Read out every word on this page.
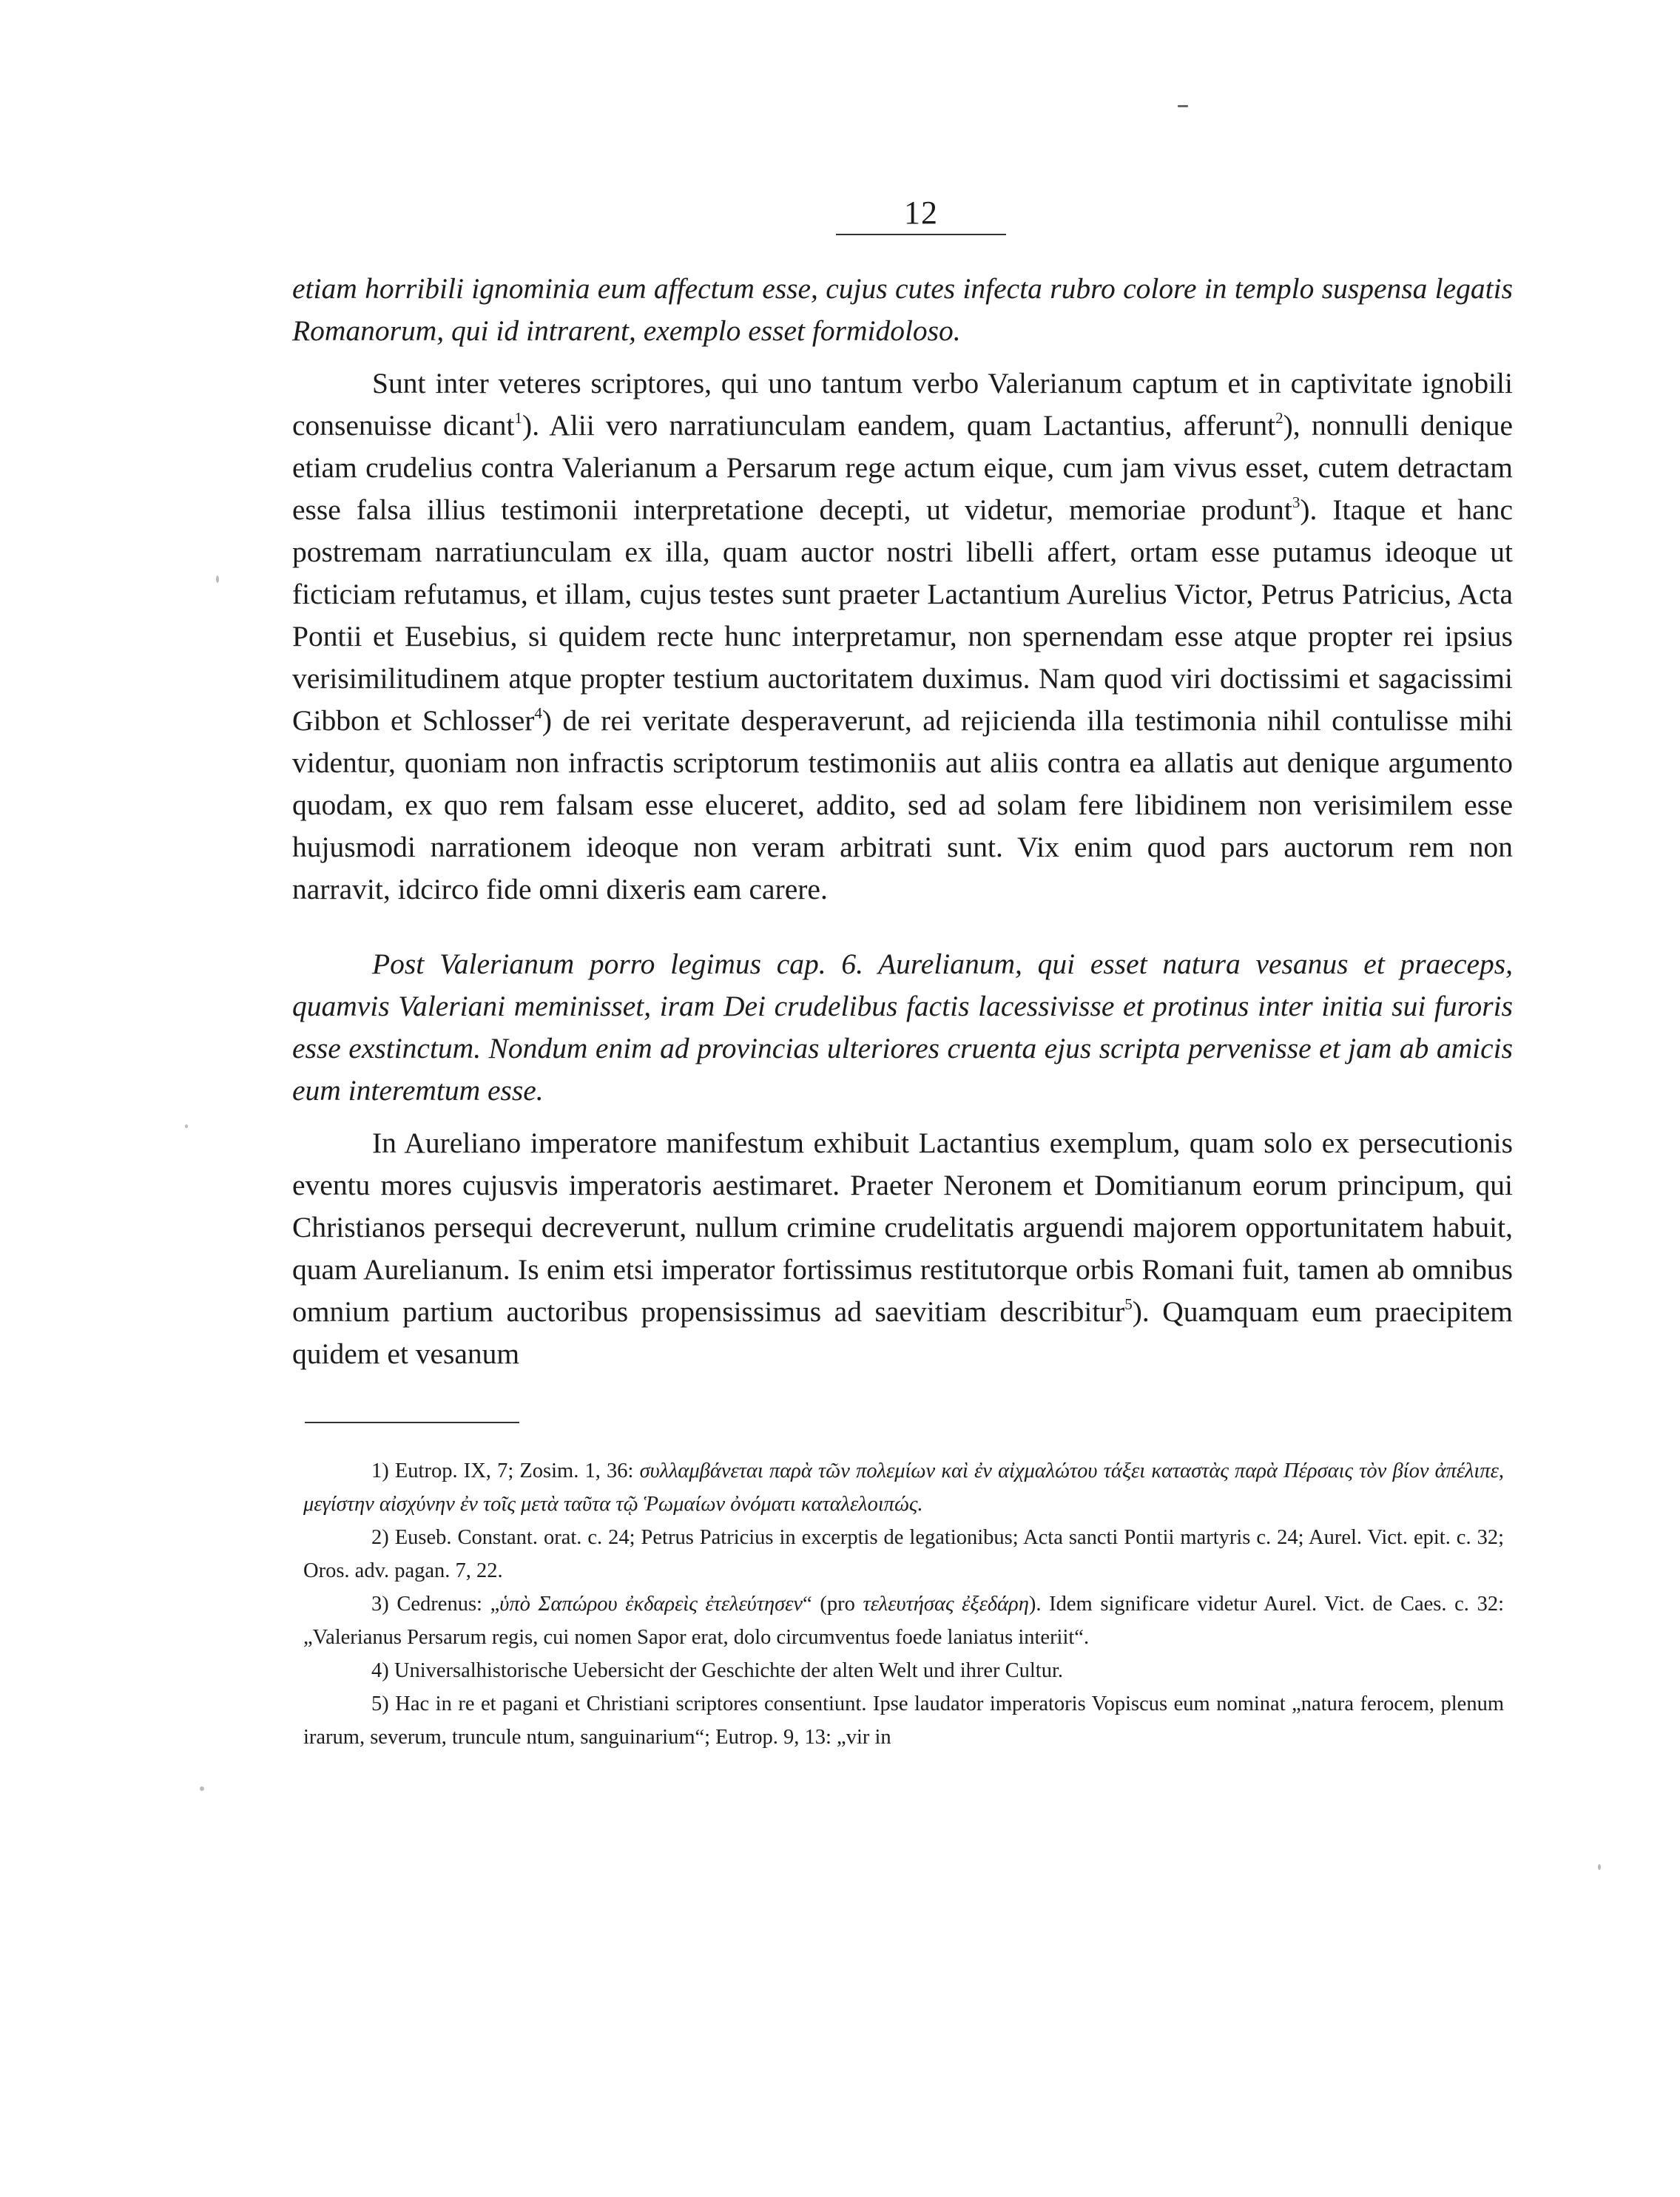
12

etiam horribili ignominia eum affectum esse, cujus cutes infecta rubro colore in templo suspensa legatis Romanorum, qui id intrarent, exemplo esset formidoloso.

Sunt inter veteres scriptores, qui uno tantum verbo Valerianum captum et in captivitate ignobili consenuisse dicant$^1$). Alii vero narratiunculam eandem, quam Lactantius, afferunt$^2$), nonnulli denique etiam crudelius contra Valerianum a Persarum rege actum eique, cum jam vivus esset, cutem detractam esse falsa illius testimonii interpretatione decepti, ut videtur, memoriae produnt$^3$). Itaque et hanc postremam narratiunculam ex illa, quam auctor nostri libelli affert, ortam esse putamus ideoque ut ficticiam refutamus, et illam, cujus testes sunt praeter Lactantium Aurelius Victor, Petrus Patricius, Acta Pontii et Eusebius, si quidem recte hunc interpretamur, non spernendam esse atque propter rei ipsius verisimilitudinem atque propter testium auctoritatem duximus. Nam quod viri doctissimi et sagacissimi Gibbon et Schlosser$^4$) de rei veritate desperaverunt, ad rejicienda illa testimonia nihil contulisse mihi videntur, quoniam non infractis scriptorum testimoniis aut aliis contra ea allatis aut denique argumento quodam, ex quo rem falsam esse eluceret, addito, sed ad solam fere libidinem non verisimilem esse hujusmodi narrationem ideoque non veram arbitrati sunt. Vix enim quod pars auctorum rem non narravit, idcirco fide omni dixeris eam carere.

Post Valerianum porro legimus cap. 6. Aurelianum, qui esset natura vesanus et praeceps, quamvis Valeriani meminisset, iram Dei crudelibus factis lacessivisse et protinus inter initia sui furoris esse exstinctum. Nondum enim ad provincias ulteriores cruenta ejus scripta pervenisse et jam ab amicis eum interemtum esse.

In Aureliano imperatore manifestum exhibuit Lactantius exemplum, quam solo ex persecutionis eventu mores cujusvis imperatoris aestimaret. Praeter Neronem et Domitianum eorum principum, qui Christianos persequi decreverunt, nullum crimine crudelitatis arguendi majorem opportunitatem habuit, quam Aurelianum. Is enim etsi imperator fortissimus restitutorque orbis Romani fuit, tamen ab omnibus omnium partium auctoribus propensissimus ad saevitiam describitur$^5$). Quamquam eum praecipitem quidem et vesanum

1) Eutrop. IX, 7; Zosim. 1, 36: συλλαμβάνεται παρὰ τῶν πολεμίων καὶ ἐν αἰχμαλώτου τάξει καταστὰς παρὰ Πέρσαις τὸν βίον ἀπέλιπε, μεγίστην αἰσχύνην ἐν τοῖς μετὰ ταῦτα τῷ Ῥωμαίων ὀνόματι καταλελοιπώς.

2) Euseb. Constant. orat. c. 24; Petrus Patricius in excerptis de legationibus; Acta sancti Pontii martyris c. 24; Aurel. Vict. epit. c. 32; Oros. adv. pagan. 7, 22.

3) Cedrenus: „ὑπὸ Σαπώρου ἐκδαρεὶς ἐτελεύτησεν“ (pro τελευτήσας ἐξεδάρη). Idem significare videtur Aurel. Vict. de Caes. c. 32: „Valerianus Persarum regis, cui nomen Sapor erat, dolo circumventus foede laniatus interiit“.

4) Universalhistorische Uebersicht der Geschichte der alten Welt und ihrer Cultur.

5) Hac in re et pagani et Christiani scriptores consentiunt. Ipse laudator imperatoris Vopiscus eum nominat „natura ferocem, plenum irarum, severum, truncule ntum, sanguinarium“; Eutrop. 9, 13: „vir in
